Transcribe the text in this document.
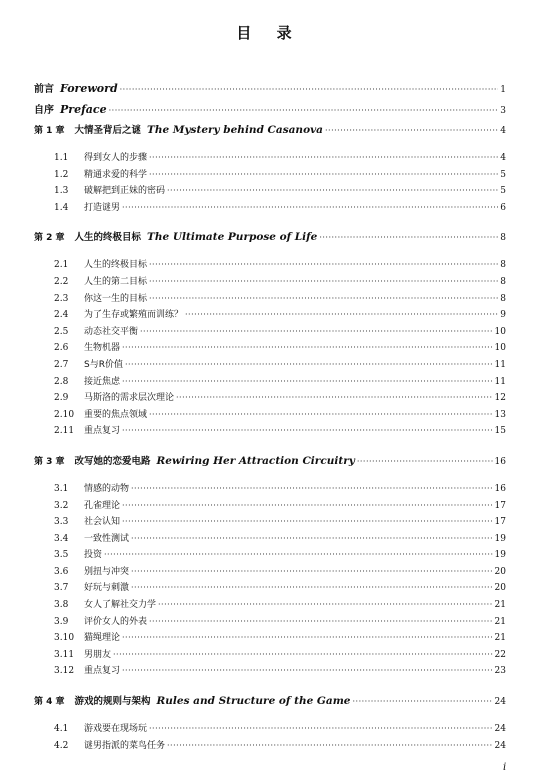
目 录
前言 Foreword ·····	1
自序 Preface ·····	3
第 1 章 大情圣背后之谜 The Mystery behind Casanova ·····	4
1.1	得到女人的步骤 ·····	4
1.2	精通求爱的科学 ·····	5
1.3	破解把到正妹的密码 ·····	5
1.4	打造谜男 ·····	6
第 2 章 人生的终极目标 The Ultimate Purpose of Life ·····	8
2.1	人生的终极目标 ·····	8
2.2	人生的第二目标 ·····	8
2.3	你这一生的目标 ·····	8
2.4	为了生存或繁殖而训练？ ·····	9
2.5	动态社交平衡 ·····	10
2.6	生物机器 ·····	10
2.7	S与R价值 ·····	11
2.8	接近焦虑 ·····	11
2.9	马斯洛的需求层次理论 ·····	12
2.10	重要的焦点领域 ·····	13
2.11	重点复习 ·····	15
第 3 章 改写她的恋爱电路 Rewiring Her Attraction Circuitry ·····	16
3.1	情感的动物 ·····	16
3.2	孔雀理论 ·····	17
3.3	社会认知 ·····	17
3.4	一致性测试 ·····	19
3.5	投资 ·····	19
3.6	别扭与冲突 ·····	20
3.7	好玩与刺激 ·····	20
3.8	女人了解社交力学 ·····	21
3.9	评价女人的外表 ·····	21
3.10	猫绳理论 ·····	21
3.11	男朋友 ·····	22
3.12	重点复习 ·····	23
第 4 章 游戏的规则与架构 Rules and Structure of the Game ·····	24
4.1	游戏要在现场玩 ·····	24
4.2	谜男指派的菜鸟任务 ·····	24
i
